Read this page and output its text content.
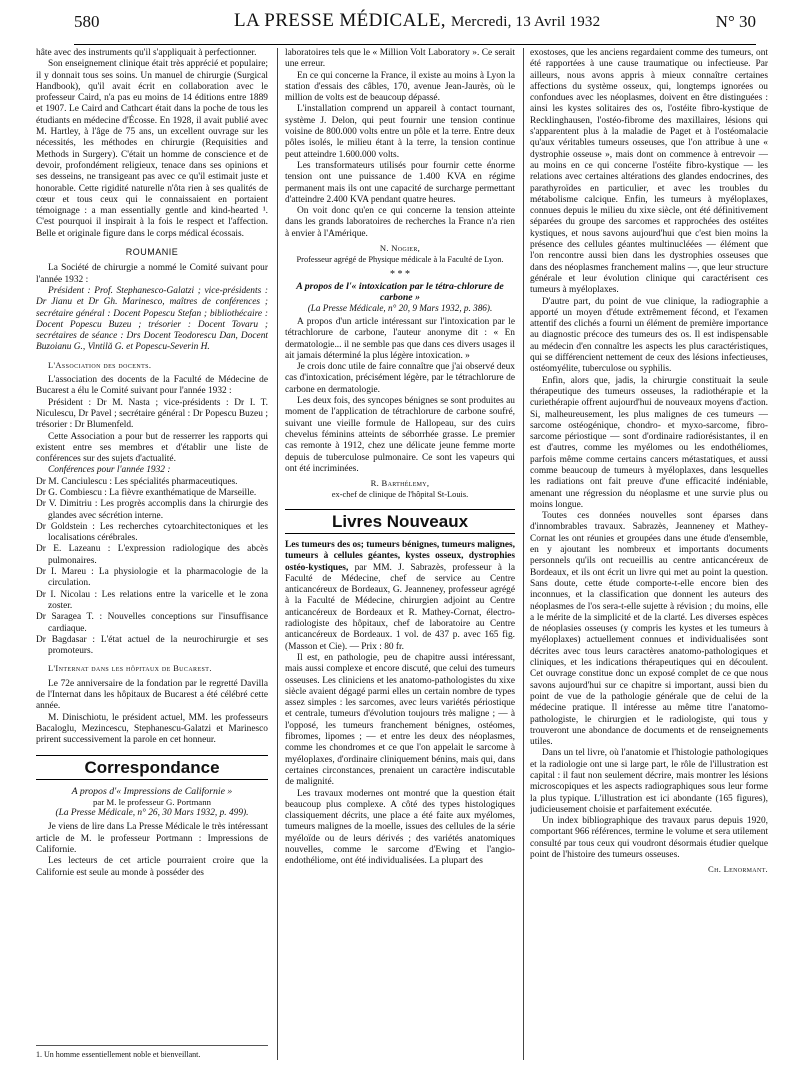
580	LA PRESSE MÉDICALE, Mercredi, 13 Avril 1932	N° 30

hâte avec des instruments qu'il s'appliquait à perfectionner.

Son enseignement clinique était très apprécié et populaire; il y donnait tous ses soins. Un manuel de chirurgie (Surgical Handbook), qu'il avait écrit en collaboration avec le professeur Caird, n'a pas eu moins de 14 éditions entre 1889 et 1907. Le Caird and Cathcart était dans la poche de tous les étudiants en médecine d'Écosse. En 1928, il avait publié avec M. Hartley, à l'âge de 75 ans, un excellent ouvrage sur les nécessités, les méthodes en chirurgie (Requisities and Methods in Surgery). C'était un homme de conscience et de devoir, profondément religieux, tenace dans ses opinions et ses desseins, ne transigeant pas avec ce qu'il estimait juste et honorable. Cette rigidité naturelle n'ôta rien à ses qualités de cœur et tous ceux qui le connaissaient en portaient témoignage : a man essentially gentle and kind-hearted ¹. C'est pourquoi il inspirait à la fois le respect et l'affection. Belle et originale figure dans le corps médical écossais.

ROUMANIE

La Société de chirurgie a nommé le Comité suivant pour l'année 1932 :

Président : Prof. Stephanesco-Galatzi ; vice-présidents : Dr Jianu et Dr Gh. Marinesco, maîtres de conférences ; secrétaire général : Docent Popescu Stefan ; bibliothécaire : Docent Popescu Buzeu ; trésorier : Docent Tovaru ; secrétaires de séance : Drs Docent Teodorescu Dan, Docent Buzoianu G., Vintilă G. et Popescu-Severin H.

L'Association des docents.

L'association des docents de la Faculté de Médecine de Bucarest a élu le Comité suivant pour l'année 1932 :

Président : Dr M. Nasta ; vice-présidents : Dr I. T. Niculescu, Dr Pavel ; secrétaire général : Dr Popescu Buzeu ; trésorier : Dr Blumenfeld.

Cette Association a pour but de resserrer les rapports qui existent entre ses membres et d'établir une liste de conférences sur des sujets d'actualité.

Conférences pour l'année 1932 :

Dr M. Canciulescu : Les spécialités pharmaceutiques.

Dr G. Combiescu : La fièvre exanthématique de Marseille.

Dr V. Dimitriu : Les progrès accomplis dans la chirurgie des glandes avec sécrétion interne.

Dr Goldstein : Les recherches cytoarchitectoniques et les localisations cérébrales.

Dr E. Lazeanu : L'expression radiologique des abcès pulmonaires.

Dr I. Mareu : La physiologie et la pharmacologie de la circulation.

Dr I. Nicolau : Les relations entre la varicelle et le zona zoster.

Dr Saragea T. : Nouvelles conceptions sur l'insuffisance cardiaque.

Dr Bagdasar : L'état actuel de la neurochirurgie et ses promoteurs.

L'Internat dans les hôpitaux de Bucarest.

Le 72e anniversaire de la fondation par le regretté Davilla de l'Internat dans les hôpitaux de Bucarest a été célébré cette année.

M. Dinischiotu, le président actuel, MM. les professeurs Bacaloglu, Mezincescu, Stephanescu-Galatzi et Marinesco prirent successivement la parole en cet honneur.

Correspondance

A propos d'« Impressions de Californie »

par M. le professeur G. Portmann

(La Presse Médicale, n° 26, 30 Mars 1932, p. 499).

Je viens de lire dans La Presse Médicale le très intéressant article de M. le professeur Portmann : Impressions de Californie.

Les lecteurs de cet article pourraient croire que la Californie est seule au monde à posséder des

1. Un homme essentiellement noble et bienveillant.

laboratoires tels que le « Million Volt Laboratory ». Ce serait une erreur.

En ce qui concerne la France, il existe au moins à Lyon la station d'essais des câbles, 170, avenue Jean-Jaurès, où le million de volts est de beaucoup dépassé.

L'installation comprend un appareil à contact tournant, système J. Delon, qui peut fournir une tension continue voisine de 800.000 volts entre un pôle et la terre. Entre deux pôles isolés, le milieu étant à la terre, la tension continue peut atteindre 1.600.000 volts.

Les transformateurs utilisés pour fournir cette énorme tension ont une puissance de 1.400 KVA en régime permanent mais ils ont une capacité de surcharge permettant d'atteindre 2.400 KVA pendant quatre heures.

On voit donc qu'en ce qui concerne la tension atteinte dans les grands laboratoires de recherches la France n'a rien à envier à l'Amérique.

N. Nogier,
Professeur agrégé de Physique médicale à la Faculté de Lyon.
* * *
A propos de l'« intoxication par le tétra-chlorure de carbone »
(La Presse Médicale, n° 20, 9 Mars 1932, p. 386).

A propos d'un article intéressant sur l'intoxication par le tétrachlorure de carbone, l'auteur anonyme dit : « En dermatologie... il ne semble pas que dans ces divers usages il ait jamais déterminé la plus légère intoxication. »

Je crois donc utile de faire connaître que j'ai observé deux cas d'intoxication, précisément légère, par le tétrachlorure de carbone en dermatologie.

Les deux fois, des syncopes bénignes se sont produites au moment de l'application de tétrachlorure de carbone soufré, suivant une vieille formule de Hallopeau, sur des cuirs chevelus féminins atteints de séborrhée grasse. Le premier cas remonte à 1912, chez une délicate jeune femme morte depuis de tuberculose pulmonaire. Ce sont les vapeurs qui ont été incriminées.

R. Barthélemy,
ex-chef de clinique de l'hôpital St-Louis.
Livres Nouveaux

Les tumeurs des os; tumeurs bénignes, tumeurs malignes, tumeurs à cellules géantes, kystes osseux, dystrophies ostéo-kystiques, par MM. J. Sabrazès, professeur à la Faculté de Médecine, chef de service au Centre anticancéreux de Bordeaux, G. Jeanneney, professeur agrégé à la Faculté de Médecine, chirurgien adjoint au Centre anticancéreux de Bordeaux et R. Mathey-Cornat, électro-radiologiste des hôpitaux, chef de laboratoire au Centre anticancéreux de Bordeaux. 1 vol. de 437 p. avec 165 fig. (Masson et Cie). — Prix : 80 fr.

Il est, en pathologie, peu de chapitre aussi intéressant, mais aussi complexe et encore discuté, que celui des tumeurs osseuses. Les cliniciens et les anatomo-pathologistes du xixe siècle avaient dégagé parmi elles un certain nombre de types assez simples : les sarcomes, avec leurs variétés périostique et centrale, tumeurs d'évolution toujours très maligne ; — à l'opposé, les tumeurs franchement bénignes, ostéomes, fibromes, lipomes ; — et entre les deux des néoplasmes, comme les chondromes et ce que l'on appelait le sarcome à myéloplaxes, d'ordinaire cliniquement bénins, mais qui, dans certaines circonstances, prenaient un caractère indiscutable de malignité.

Les travaux modernes ont montré que la question était beaucoup plus complexe. A côté des types histologiques classiquement décrits, une place a été faite aux myélomes, tumeurs malignes de la moelle, issues des cellules de la série myéloïde ou de leurs dérivés ; des variétés anatomiques nouvelles, comme le sarcome d'Ewing et l'angio-endothéliome, ont été individualisées. La plupart des

exostoses, que les anciens regardaient comme des tumeurs, ont été rapportées à une cause traumatique ou infectieuse. Par ailleurs, nous avons appris à mieux connaître certaines affections du système osseux, qui, longtemps ignorées ou confondues avec les néoplasmes, doivent en être distinguées : ainsi les kystes solitaires des os, l'ostéite fibro-kystique de Recklinghausen, l'ostéo-fibrome des maxillaires, lésions qui s'apparentent plus à la maladie de Paget et à l'ostéomalacie qu'aux véritables tumeurs osseuses, que l'on attribue à une « dystrophie osseuse », mais dont on commence à entrevoir — au moins en ce qui concerne l'ostéite fibro-kystique — les relations avec certaines altérations des glandes endocrines, des parathyroïdes en particulier, et avec les troubles du métabolisme calcique. Enfin, les tumeurs à myéloplaxes, connues depuis le milieu du xixe siècle, ont été définitivement séparées du groupe des sarcomes et rapprochées des ostéites kystiques, et nous savons aujourd'hui que c'est bien moins la présence des cellules géantes multinucléées — élément que l'on rencontre aussi bien dans les dystrophies osseuses que dans des néoplasmes franchement malins —, que leur structure générale et leur évolution clinique qui caractérisent ces tumeurs à myéloplaxes.

D'autre part, du point de vue clinique, la radiographie a apporté un moyen d'étude extrêmement fécond, et l'examen attentif des clichés a fourni un élément de première importance au diagnostic précoce des tumeurs des os. Il est indispensable au médecin d'en connaître les aspects les plus caractéristiques, qui se différencient nettement de ceux des lésions infectieuses, ostéomyélite, tuberculose ou syphilis.

Enfin, alors que, jadis, la chirurgie constituait la seule thérapeutique des tumeurs osseuses, la radiothérapie et la curiethérapie offrent aujourd'hui de nouveaux moyens d'action. Si, malheureusement, les plus malignes de ces tumeurs — sarcome ostéogénique, chondro- et myxo-sarcome, fibro-sarcome périostique — sont d'ordinaire radiorésistantes, il en est d'autres, comme les myélomes ou les endothéliomes, parfois même comme certains cancers métastatiques, et aussi comme beaucoup de tumeurs à myéloplaxes, dans lesquelles les radiations ont fait preuve d'une efficacité indéniable, amenant une régression du néoplasme et une survie plus ou moins longue.

Toutes ces données nouvelles sont éparses dans d'innombrables travaux. Sabrazès, Jeanneney et Mathey-Cornat les ont réunies et groupées dans une étude d'ensemble, en y ajoutant les nombreux et importants documents personnels qu'ils ont recueillis au centre anticancéreux de Bordeaux, et ils ont écrit un livre qui met au point la question. Sans doute, cette étude comporte-t-elle encore bien des inconnues, et la classification que donnent les auteurs des néoplasmes de l'os sera-t-elle sujette à révision ; du moins, elle a le mérite de la simplicité et de la clarté. Les diverses espèces de néoplasies osseuses (y compris les kystes et les tumeurs à myéloplaxes) actuellement connues et individualisées sont décrites avec tous leurs caractères anatomo-pathologiques et cliniques, et les indications thérapeutiques qui en découlent. Cet ouvrage constitue donc un exposé complet de ce que nous savons aujourd'hui sur ce chapitre si important, aussi bien du point de vue de la pathologie générale que de celui de la médecine pratique. Il intéresse au même titre l'anatomo-pathologiste, le chirurgien et le radiologiste, qui tous y trouveront une abondance de documents et de renseignements utiles.

Dans un tel livre, où l'anatomie et l'histologie pathologiques et la radiologie ont une si large part, le rôle de l'illustration est capital : il faut non seulement décrire, mais montrer les lésions microscopiques et les aspects radiographiques sous leur forme la plus typique. L'illustration est ici abondante (165 figures), judicieusement choisie et parfaitement exécutée.

Un index bibliographique des travaux parus depuis 1920, comportant 966 références, termine le volume et sera utilement consulté par tous ceux qui voudront désormais étudier quelque point de l'histoire des tumeurs osseuses.

Ch. Lenormant.
